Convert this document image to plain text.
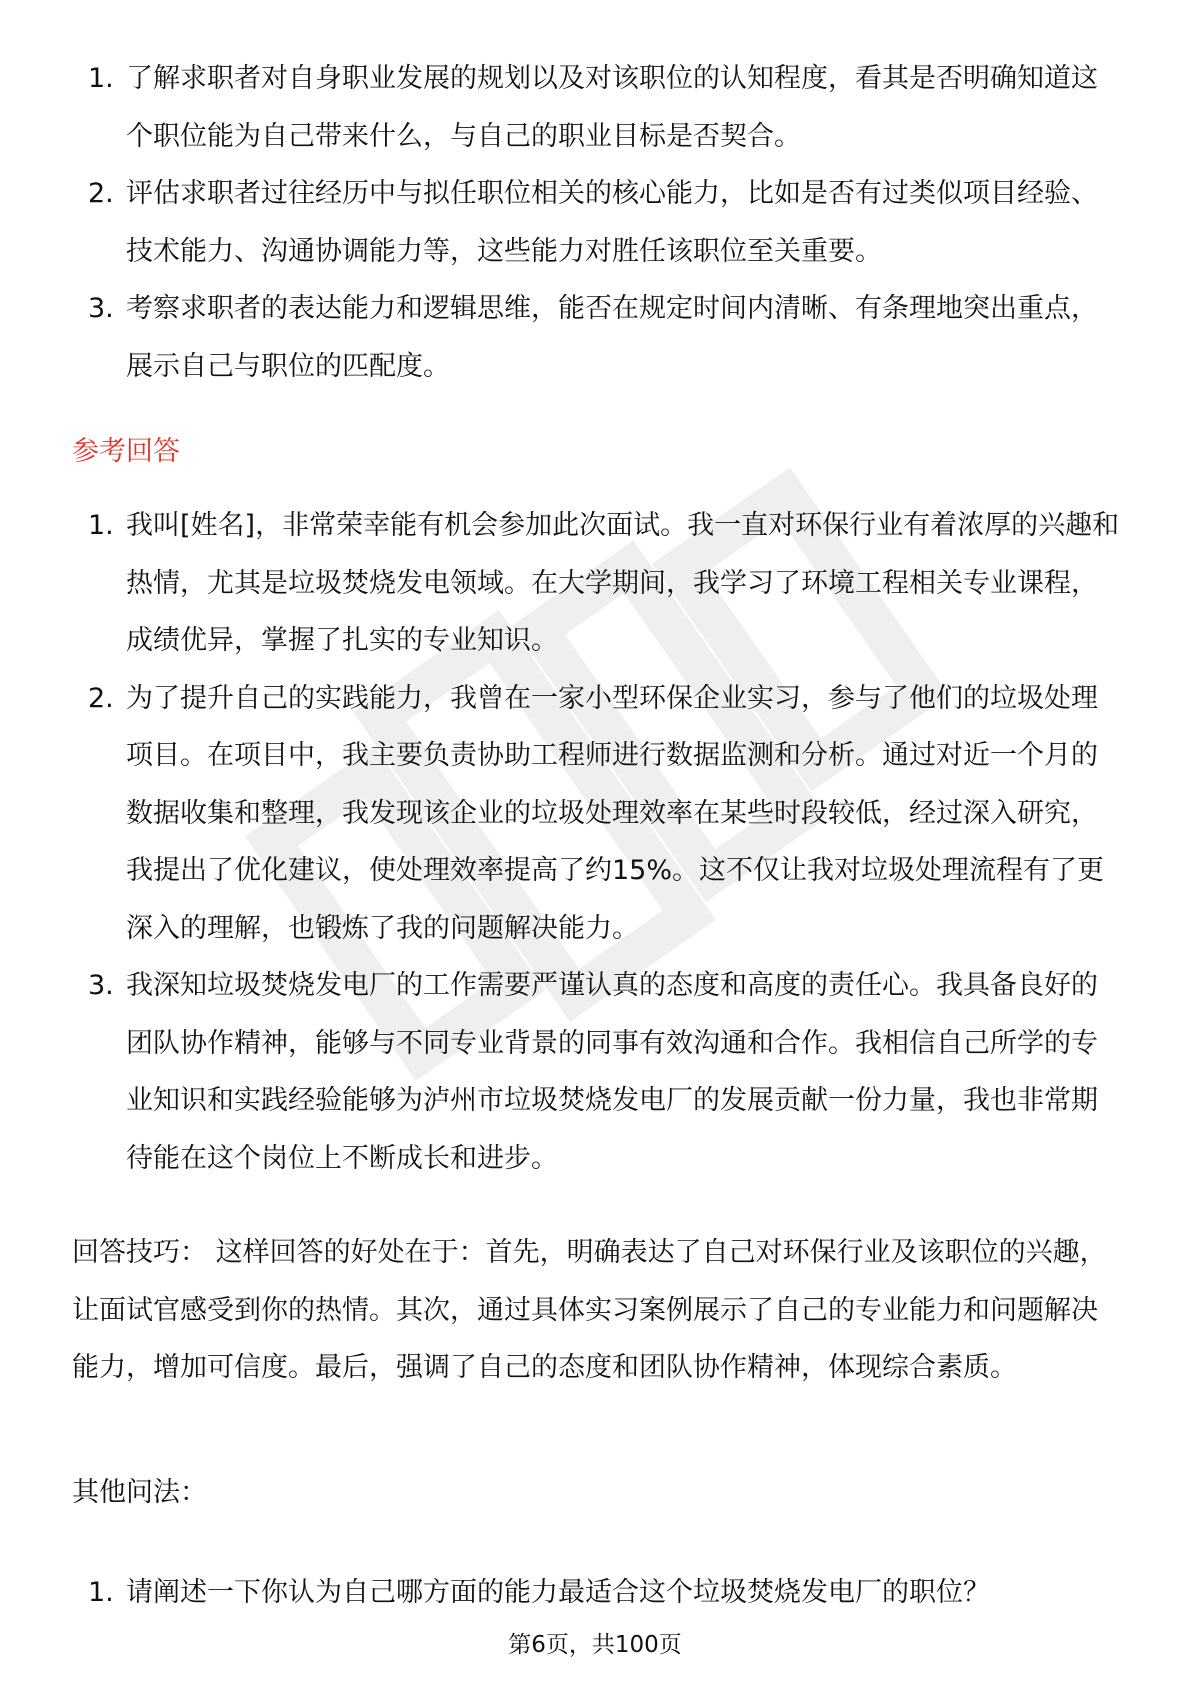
1. 了解求职者对自身职业发展的规划以及对该职位的认知程度，看其是否明确知道这个职位能为自己带来什么，与自己的职业目标是否契合。
2. 评估求职者过往经历中与拟任职位相关的核心能力，比如是否有过类似项目经验、技术能力、沟通协调能力等，这些能力对胜任该职位至关重要。
3. 考察求职者的表达能力和逻辑思维，能否在规定时间内清晰、有条理地突出重点，展示自己与职位的匹配度。
参考回答
1. 我叫[姓名]，非常荣幸能有机会参加此次面试。我一直对环保行业有着浓厚的兴趣和热情，尤其是垃圾焚烧发电领域。在大学期间，我学习了环境工程相关专业课程，成绩优异，掌握了扎实的专业知识。
2. 为了提升自己的实践能力，我曾在一家小型环保企业实习，参与了他们的垃圾处理项目。在项目中，我主要负责协助工程师进行数据监测和分析。通过对近一个月的数据收集和整理，我发现该企业的垃圾处理效率在某些时段较低，经过深入研究，我提出了优化建议，使处理效率提高了约15%。这不仅让我对垃圾处理流程有了更深入的理解，也锻炼了我的问题解决能力。
3. 我深知垃圾焚烧发电厂的工作需要严谨认真的态度和高度的责任心。我具备良好的团队协作精神，能够与不同专业背景的同事有效沟通和合作。我相信自己所学的专业知识和实践经验能够为泸州市垃圾焚烧发电厂的发展贡献一份力量，我也非常期待能在这个岗位上不断成长和进步。

回答技巧： 这样回答的好处在于：首先，明确表达了自己对环保行业及该职位的兴趣，让面试官感受到你的热情。其次，通过具体实习案例展示了自己的专业能力和问题解决能力，增加可信度。最后，强调了自己的态度和团队协作精神，体现综合素质。

其他问法：

1. 请阐述一下你认为自己哪方面的能力最适合这个垃圾焚烧发电厂的职位？
第6页，共100页
